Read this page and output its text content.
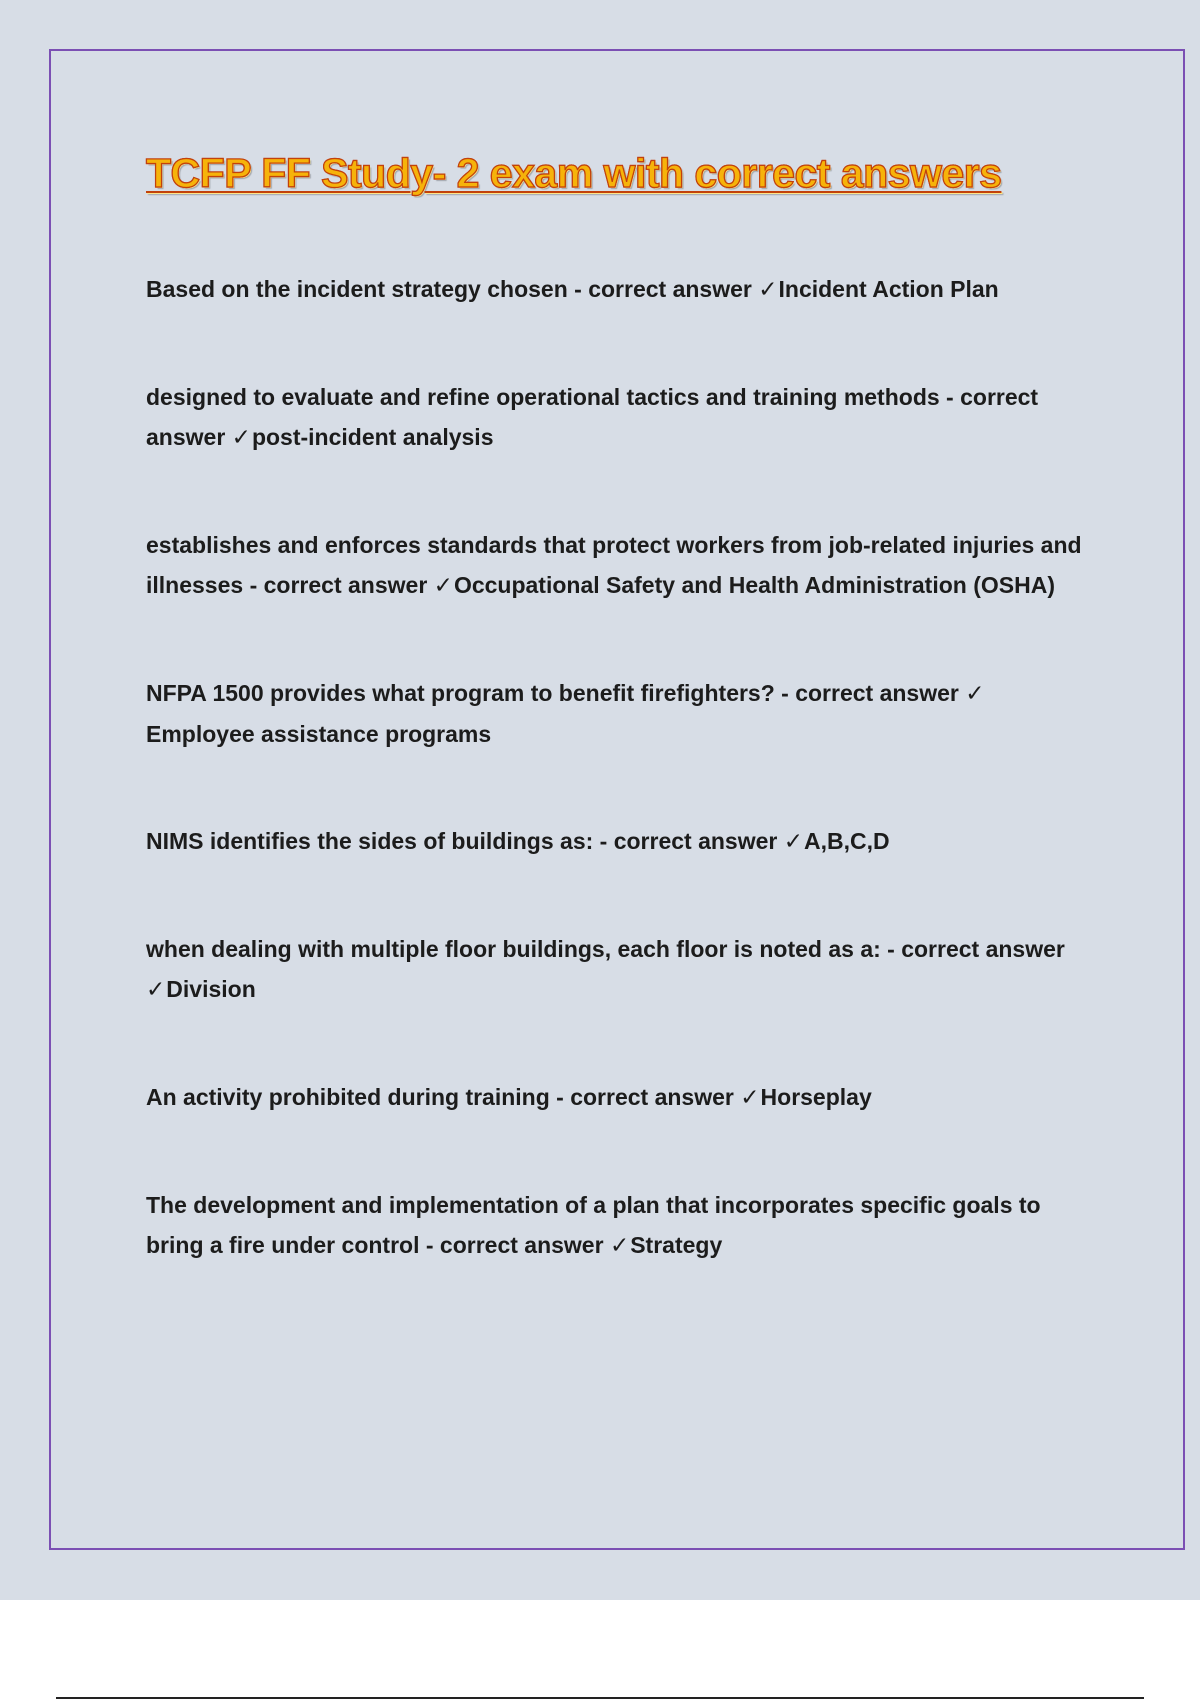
TCFP FF Study- 2 exam with correct answers
Based on the incident strategy chosen - correct answer ✓Incident Action Plan
designed to evaluate and refine operational tactics and training methods - correct answer ✓post-incident analysis
establishes and enforces standards that protect workers from job-related injuries and illnesses - correct answer ✓Occupational Safety and Health Administration (OSHA)
NFPA 1500 provides what program to benefit firefighters? - correct answer ✓Employee assistance programs
NIMS identifies the sides of buildings as: - correct answer ✓A,B,C,D
when dealing with multiple floor buildings, each floor is noted as a: - correct answer ✓Division
An activity prohibited during training - correct answer ✓Horseplay
The development and implementation of a plan that incorporates specific goals to bring a fire under control - correct answer ✓Strategy
